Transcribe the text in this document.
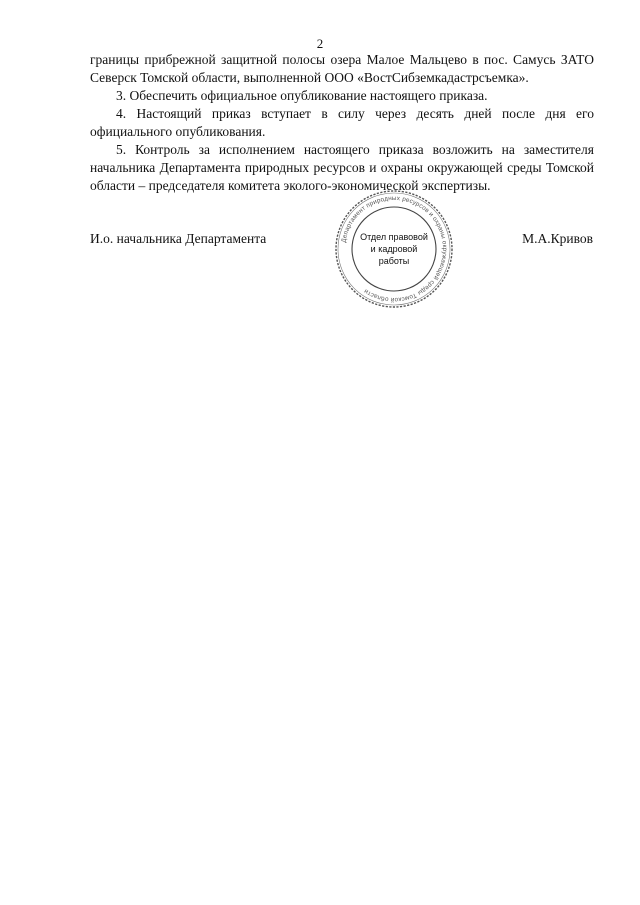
2

границы прибрежной защитной полосы озера Малое Мальцево в пос. Самусь ЗАТО Северск Томской области, выполненной ООО «ВостСибземкадастрсъемка».

3. Обеспечить официальное опубликование настоящего приказа.

4. Настоящий приказ вступает в силу через десять дней после дня его официального опубликования.

5. Контроль за исполнением настоящего приказа возложить на заместителя начальника Департамента природных ресурсов и охраны окружающей среды Томской области – председателя комитета эколого-экономической экспертизы.

И.о. начальника Департамента	Департамент природных ресурсов и охраны окружающей среды Томской области
Отдел правовой
и кадровой
работы
М.А.Кривов
